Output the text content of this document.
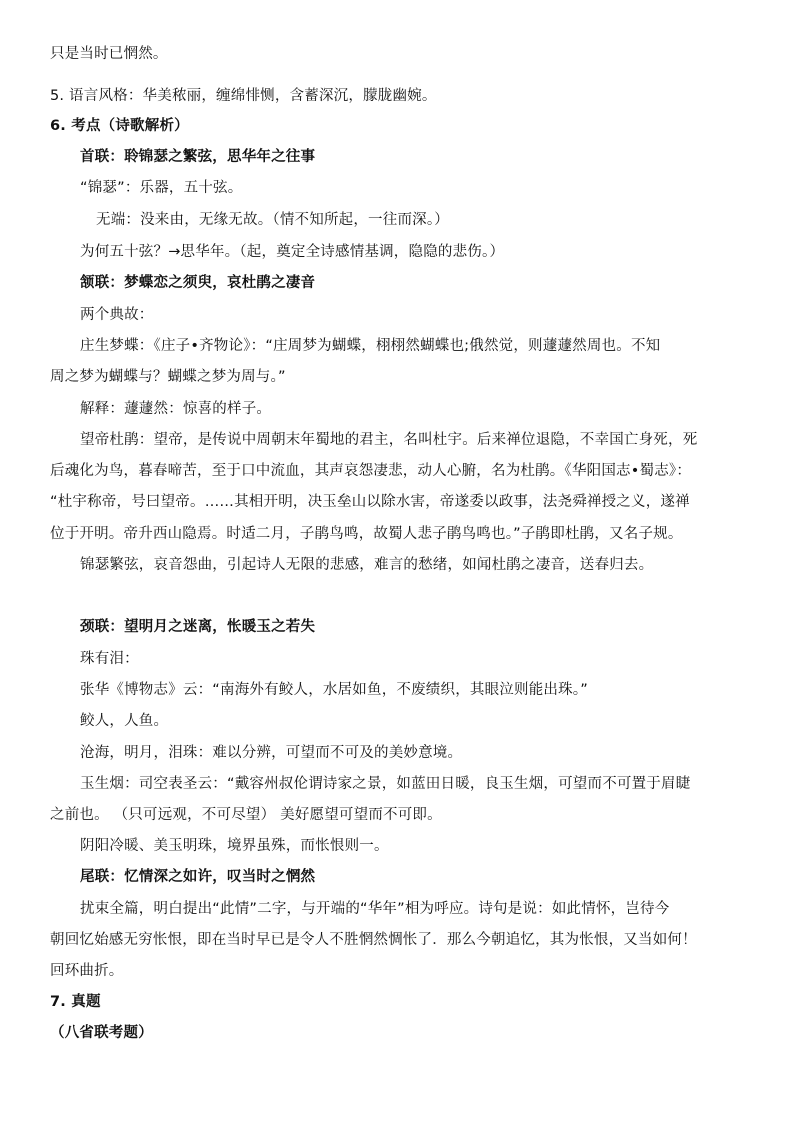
只是当时已惘然。
5. 语言风格：华美秾丽，缠绵悱恻，含蓄深沉，朦胧幽婉。
6. 考点（诗歌解析）
首联：聆锦瑟之繁弦，思华年之往事
“锦瑟”：乐器，五十弦。
无端：没来由，无缘无故。（情不知所起，一往而深。）
为何五十弦？→思华年。（起，奠定全诗感情基调，隐隐的悲伤。）
颔联：梦蝶恋之须臾，哀杜鹃之凄音
两个典故：
庄生梦蝶：《庄子•齐物论》：“庄周梦为蝴蝶，栩栩然蝴蝶也;俄然觉，则蘧蘧然周也。不知
周之梦为蝴蝶与？蝴蝶之梦为周与。”
解释：蘧蘧然：惊喜的样子。
望帝杜鹃：望帝，是传说中周朝末年蜀地的君主，名叫杜宇。后来禅位退隐，不幸国亡身死，死
后魂化为鸟，暮春啼苦，至于口中流血，其声哀怨凄悲，动人心腑，名为杜鹃。《华阳国志•蜀志》：
“杜宇称帝，号曰望帝。……其相开明，决玉垒山以除水害，帝遂委以政事，法尧舜禅授之义，遂禅
位于开明。帝升西山隐焉。时适二月，子鹃鸟鸣，故蜀人悲子鹃鸟鸣也。”子鹃即杜鹃，又名子规。
锦瑟繁弦，哀音怨曲，引起诗人无限的悲感，难言的愁绪，如闻杜鹃之凄音，送春归去。
颈联：望明月之迷离，怅暖玉之若失
珠有泪：
张华《博物志》云：“南海外有鲛人，水居如鱼，不废绩织，其眼泣则能出珠。”
鲛人，人鱼。
沧海，明月，泪珠：难以分辨，可望而不可及的美妙意境。
玉生烟：司空表圣云：“戴容州叔伦谓诗家之景，如蓝田日暖，良玉生烟，可望而不可置于眉睫
之前也。 （只可远观，不可尽望） 美好愿望可望而不可即。
阴阳冷暖、美玉明珠，境界虽殊，而怅恨则一。
尾联：忆情深之如许，叹当时之惘然
扰束全篇，明白提出“此情”二字，与开端的“华年”相为呼应。诗句是说：如此情怀，岂待今
朝回忆始感无穷怅恨，即在当时早已是令人不胜惘然惆怅了．那么今朝追忆，其为怅恨，又当如何！
回环曲折。
7. 真题
（八省联考题）
